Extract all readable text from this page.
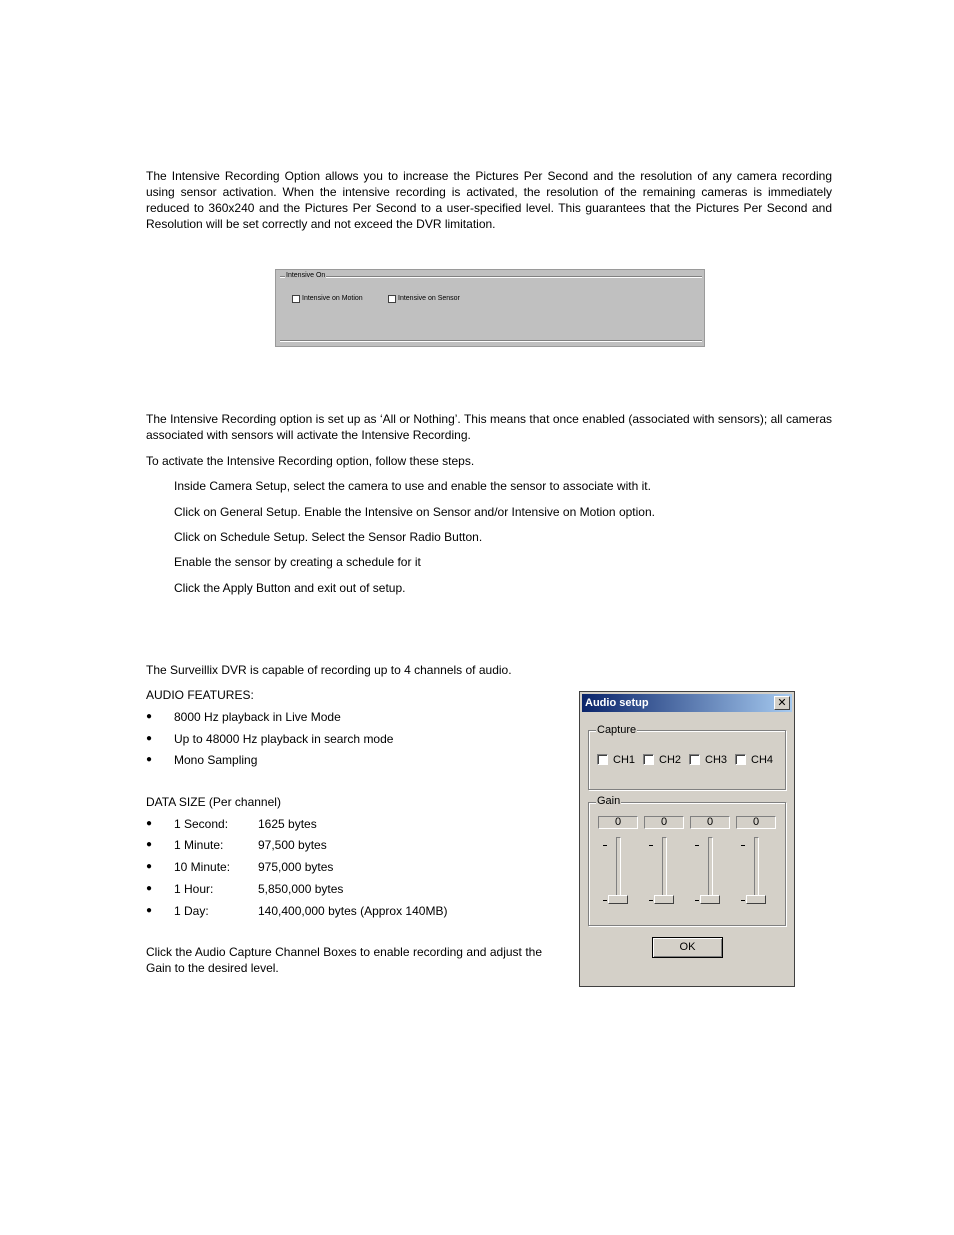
The Intensive Recording Option allows you to increase the Pictures Per Second and the resolution of any camera recording using sensor activation. When the intensive recording is activated, the resolution of the remaining cameras is immediately reduced to 360x240 and the Pictures Per Second to a user-specified level. This guarantees that the Pictures Per Second and Resolution will be set correctly and not exceed the DVR limitation.
Intensive On
Intensive on Motion	Intensive on Sensor
The Intensive Recording option is set up as ‘All or Nothing’. This means that once enabled (associated with sensors); all cameras associated with sensors will activate the Intensive Recording.
To activate the Intensive Recording option, follow these steps.
Inside Camera Setup, select the camera to use and enable the sensor to associate with it.
Click on General Setup. Enable the Intensive on Sensor and/or Intensive on Motion option.
Click on Schedule Setup. Select the Sensor Radio Button.
Enable the sensor by creating a schedule for it
Click the Apply Button and exit out of setup.
The Surveillix DVR is capable of recording up to 4 channels of audio.
AUDIO FEATURES:
●	8000 Hz playback in Live Mode
●	Up to 48000 Hz playback in search mode
●	Mono Sampling
DATA SIZE (Per channel)
●	1 Second: 1625 bytes
●	1 Minute:	97,500 bytes
●	10 Minute: 975,000 bytes
●	1 Hour:	5,850,000 bytes
●	1 Day:	140,400,000 bytes (Approx 140MB)
Click the Audio Capture Channel Boxes to enable recording and adjust the
Gain to the desired level.
Audio setup	✕
Capture
CH1 CH2 CH3 CH4
Gain
0	0	0	0
OK
